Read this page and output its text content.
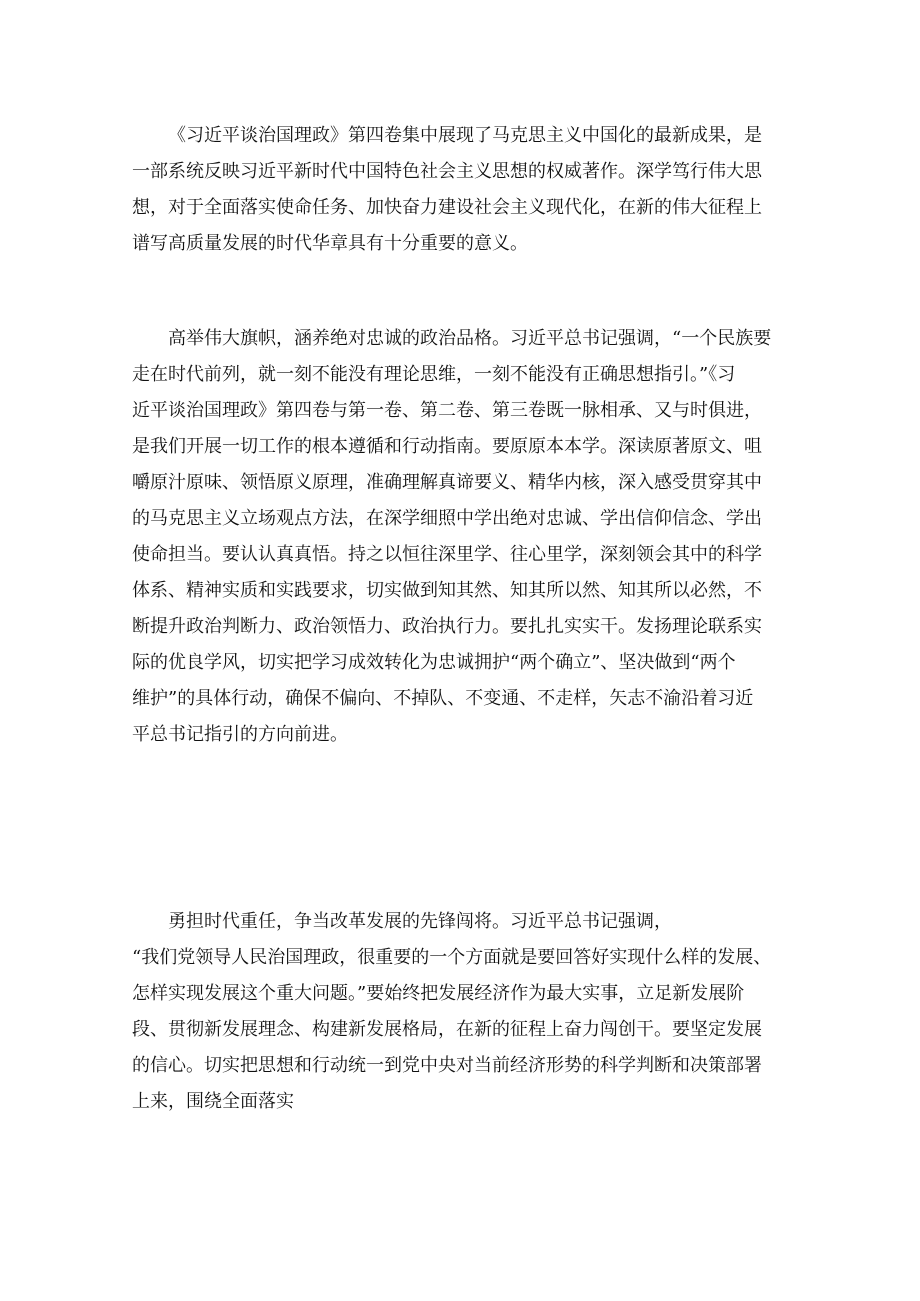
《习近平谈治国理政》第四卷集中展现了马克思主义中国化的最新成果，是
一部系统反映习近平新时代中国特色社会主义思想的权威著作。深学笃行伟大思
想，对于全面落实使命任务、加快奋力建设社会主义现代化，在新的伟大征程上
谱写高质量发展的时代华章具有十分重要的意义。

高举伟大旗帜，涵养绝对忠诚的政治品格。习近平总书记强调，“一个民族要
走在时代前列，就一刻不能没有理论思维，一刻不能没有正确思想指引。”《习
近平谈治国理政》第四卷与第一卷、第二卷、第三卷既一脉相承、又与时俱进，
是我们开展一切工作的根本遵循和行动指南。要原原本本学。深读原著原文、咀
嚼原汁原味、领悟原义原理，准确理解真谛要义、精华内核，深入感受贯穿其中
的马克思主义立场观点方法，在深学细照中学出绝对忠诚、学出信仰信念、学出
使命担当。要认认真真悟。持之以恒往深里学、往心里学，深刻领会其中的科学
体系、精神实质和实践要求，切实做到知其然、知其所以然、知其所以必然，不
断提升政治判断力、政治领悟力、政治执行力。要扎扎实实干。发扬理论联系实
际的优良学风，切实把学习成效转化为忠诚拥护“两个确立”、坚决做到“两个
维护”的具体行动，确保不偏向、不掉队、不变通、不走样，矢志不渝沿着习近
平总书记指引的方向前进。

勇担时代重任，争当改革发展的先锋闯将。习近平总书记强调，
“我们党领导人民治国理政，很重要的一个方面就是要回答好实现什么样的发展、
怎样实现发展这个重大问题。”要始终把发展经济作为最大实事，立足新发展阶
段、贯彻新发展理念、构建新发展格局，在新的征程上奋力闯创干。要坚定发展
的信心。切实把思想和行动统一到党中央对当前经济形势的科学判断和决策部署
上来，围绕全面落实
